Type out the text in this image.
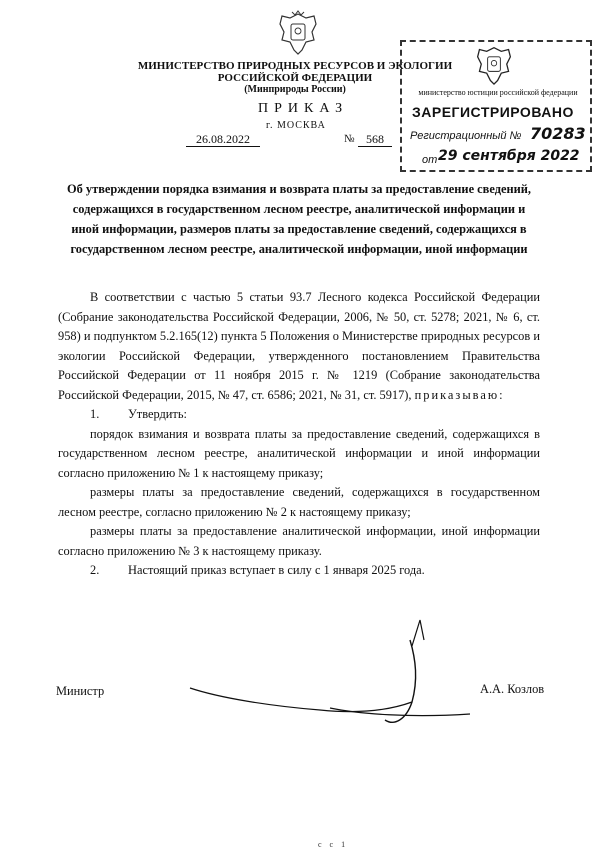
МИНИСТЕРСТВО ПРИРОДНЫХ РЕСУРСОВ И ЭКОЛОГИИ
РОССИЙСКОЙ ФЕДЕРАЦИИ
(Минприроды России)
ПРИКАЗ
г. МОСКВА
26.08.2022	№ 568
министерство юстиции российской федерации
ЗАРЕГИСТРИРОВАНО
Регистрационный № 70283
от 29 сентября 2022
Об утверждении порядка взимания и возврата платы за предоставление сведений, содержащихся в государственном лесном реестре, аналитической информации и иной информации, размеров платы за предоставление сведений, содержащихся в государственном лесном реестре, аналитической информации, иной информации

В соответствии с частью 5 статьи 93.7 Лесного кодекса Российской Федерации (Собрание законодательства Российской Федерации, 2006, № 50, ст. 5278; 2021, № 6, ст. 958) и подпунктом 5.2.165(12) пункта 5 Положения о Министерстве природных ресурсов и экологии Российской Федерации, утвержденного постановлением Правительства Российской Федерации от 11 ноября 2015 г. № 1219 (Собрание законодательства Российской Федерации, 2015, № 47, ст. 6586; 2021, № 31, ст. 5917), приказываю:

1. Утвердить:

порядок взимания и возврата платы за предоставление сведений, содержащихся в государственном лесном реестре, аналитической информации и иной информации согласно приложению № 1 к настоящему приказу;

размеры платы за предоставление сведений, содержащихся в государственном лесном реестре, согласно приложению № 2 к настоящему приказу;

размеры платы за предоставление аналитической информации, иной информации согласно приложению № 3 к настоящему приказу.

2. Настоящий приказ вступает в силу с 1 января 2025 года.

Министр	А.А. Козлов
с с 1
